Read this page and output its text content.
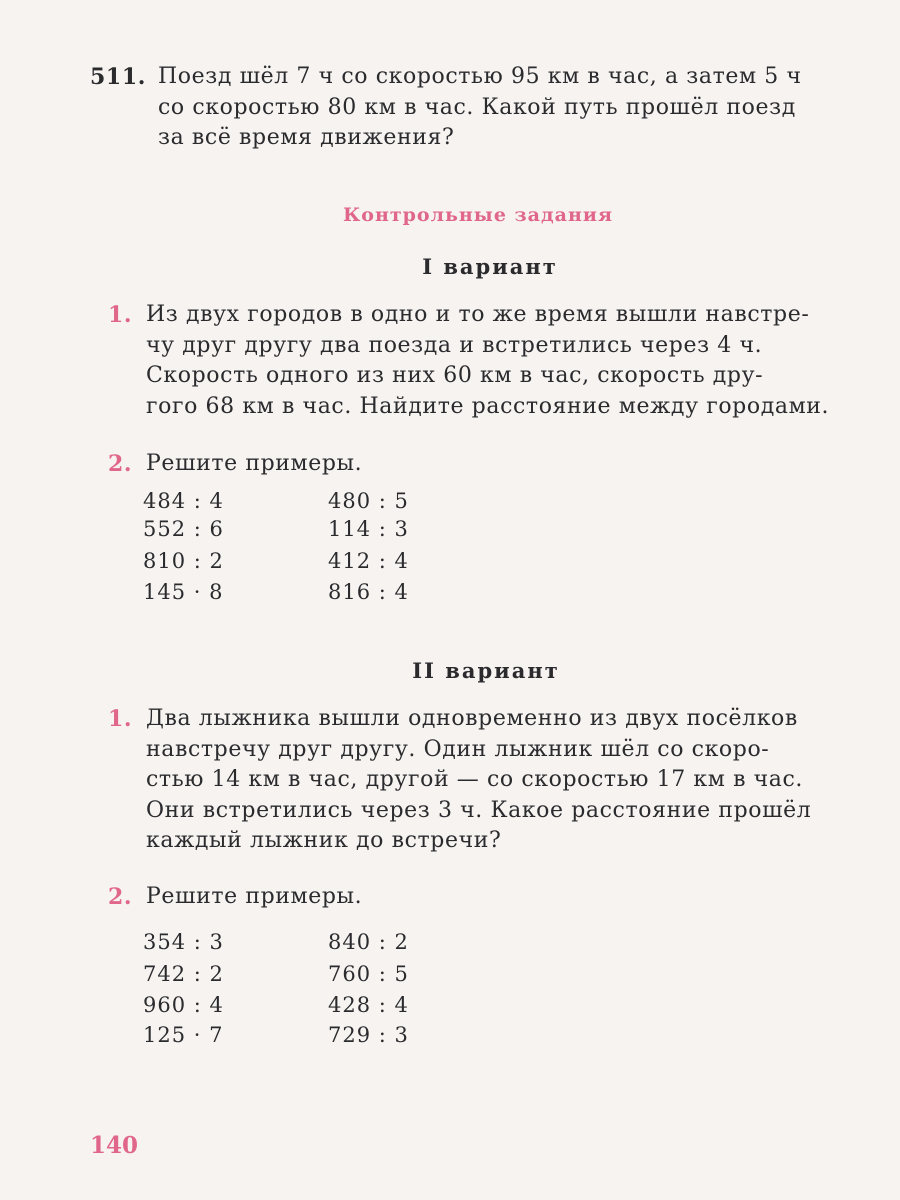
511. Поезд шёл 7 ч со скоростью 95 км в час, а затем 5 ч
со скоростью 80 км в час. Какой путь прошёл поезд
за всё время движения?
Контрольные задания
I вариант
1. Из двух городов в одно и то же время вышли навстре-
чу друг другу два поезда и встретились через 4 ч.
Скорость одного из них 60 км в час, скорость дру-
гого 68 км в час. Найдите расстояние между городами.
2. Решите примеры.
484 : 4
552 : 6
810 : 2
145 · 8
480 : 5
114 : 3
412 : 4
816 : 4
II вариант
1. Два лыжника вышли одновременно из двух посёлков
навстречу друг другу. Один лыжник шёл со скоро-
стью 14 км в час, другой — со скоростью 17 км в час.
Они встретились через 3 ч. Какое расстояние прошёл
каждый лыжник до встречи?
2. Решите примеры.
354 : 3
742 : 2
960 : 4
125 · 7
840 : 2
760 : 5
428 : 4
729 : 3
140
